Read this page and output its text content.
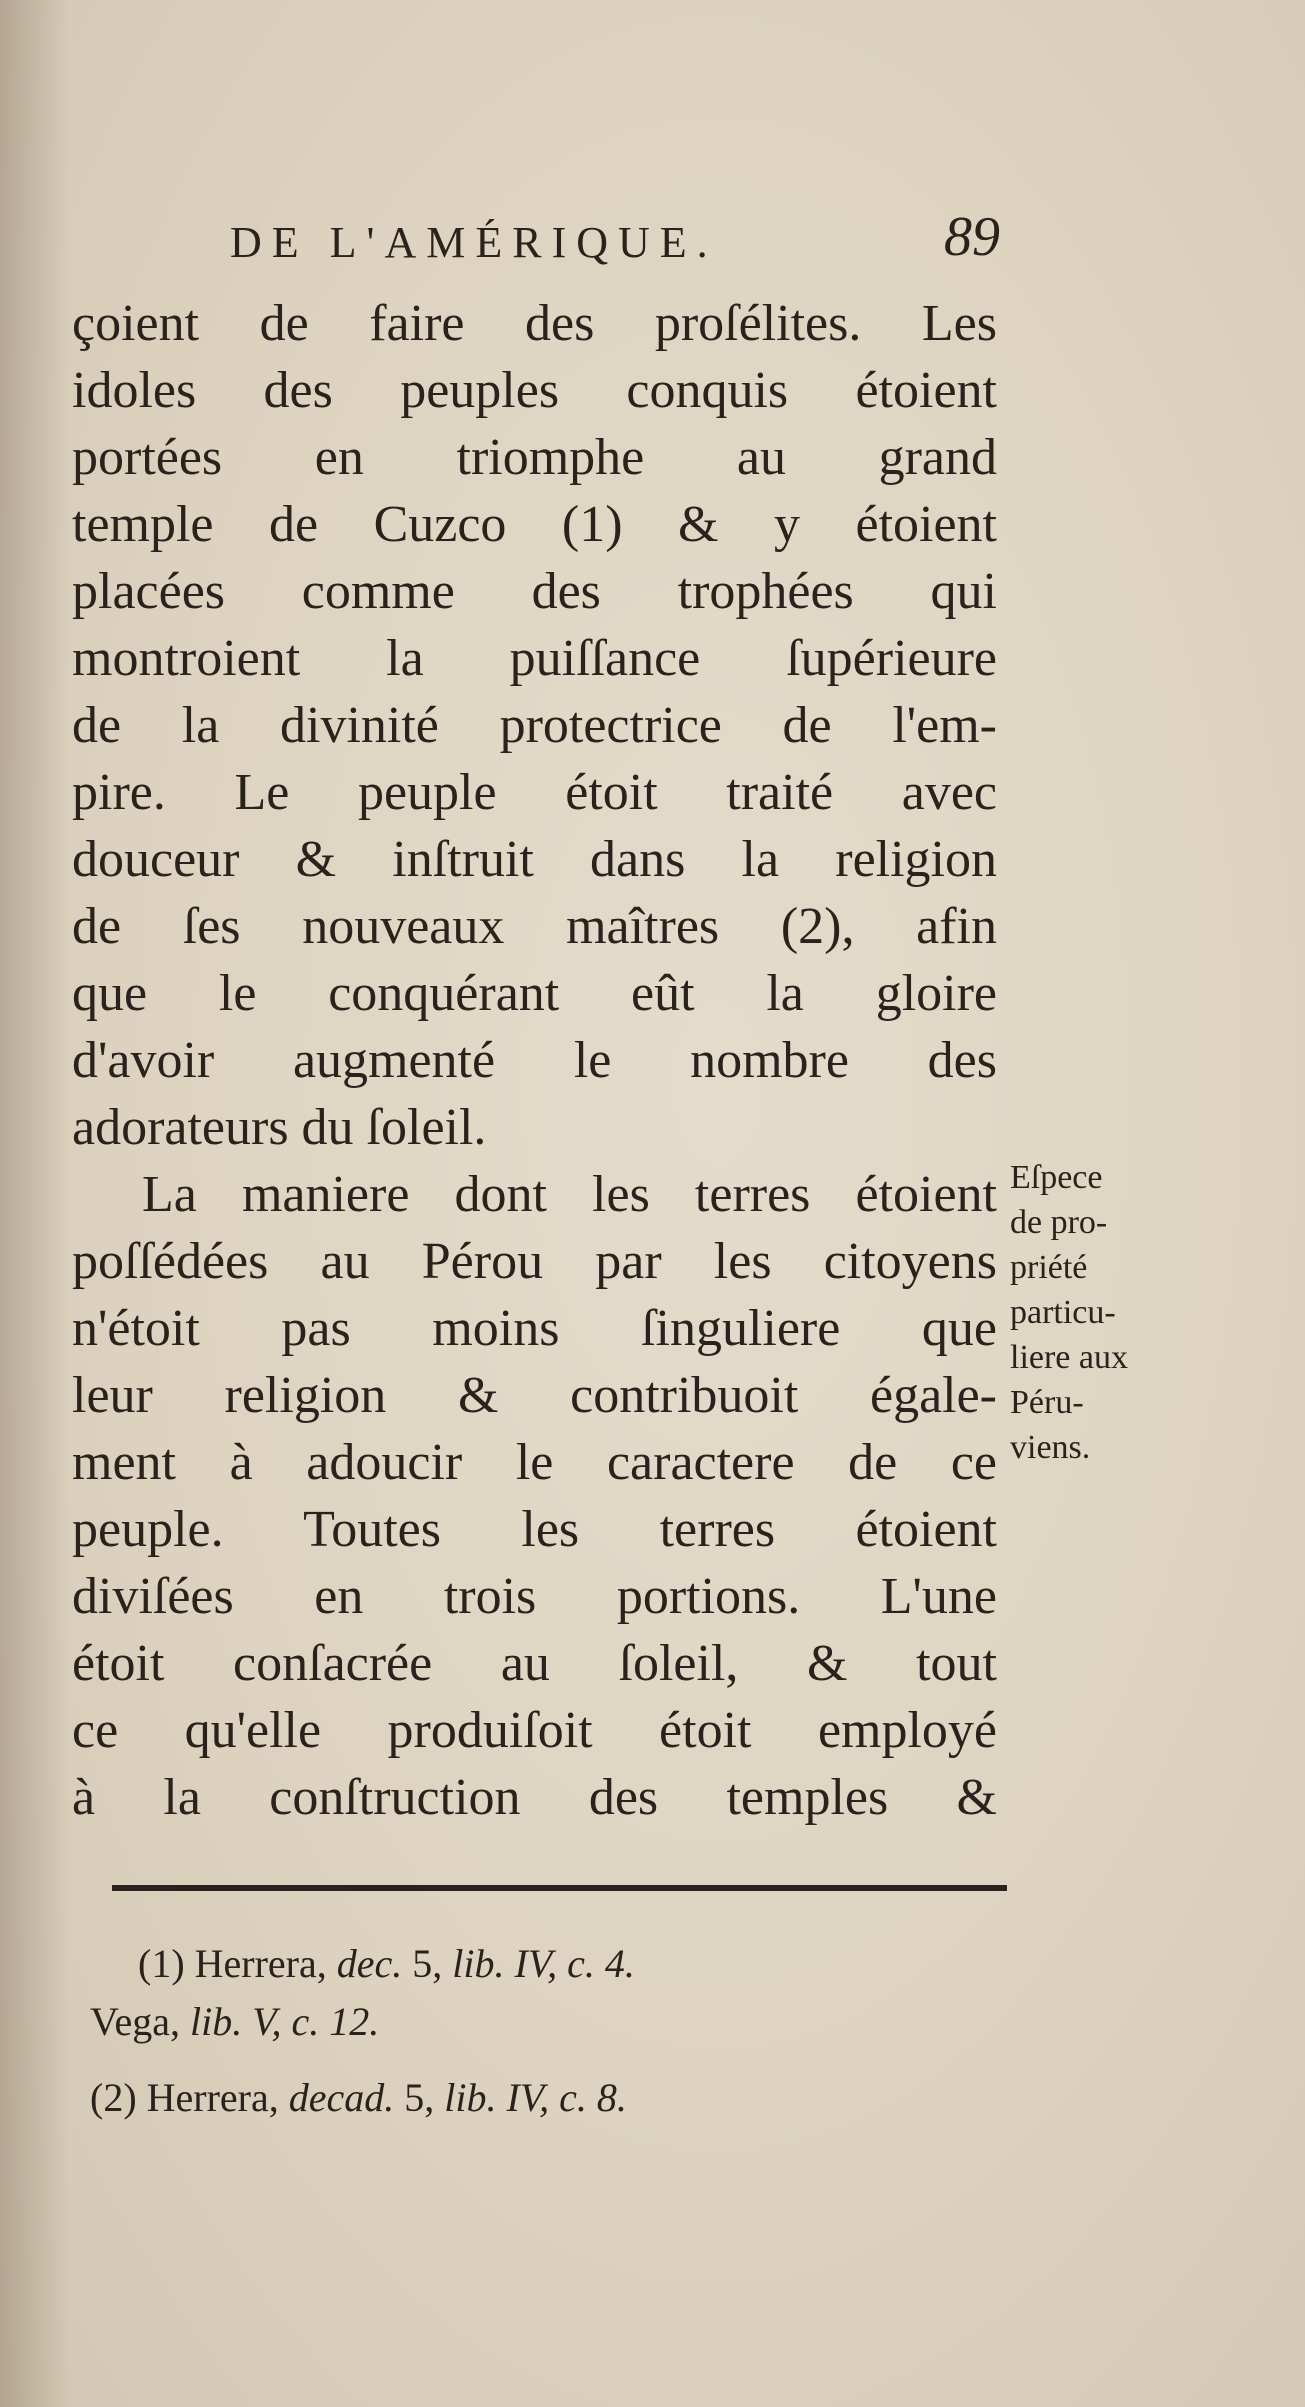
DE L'AMÉRIQUE.	89
çoient de faire des proſélites. Les
idoles des peuples conquis étoient
portées en triomphe au grand
temple de Cuzco (1) & y étoient
placées comme des trophées qui
montroient la puiſſance ſupérieure
de la divinité protectrice de l'em-
pire. Le peuple étoit traité avec
douceur & inſtruit dans la religion
de ſes nouveaux maîtres (2), afin
que le conquérant eût la gloire
d'avoir augmenté le nombre des
adorateurs du ſoleil.
La maniere dont les terres étoient
poſſédées au Pérou par les citoyens
n'étoit pas moins ſinguliere que
leur religion & contribuoit égale-
ment à adoucir le caractere de ce
peuple. Toutes les terres étoient
diviſées en trois portions. L'une
étoit conſacrée au ſoleil, & tout
ce qu'elle produiſoit étoit employé
à la conſtruction des temples &
Eſpece
de pro-
priété
particu-
liere aux
Péru-
viens.
(1) Herrera, dec. 5, lib. IV, c. 4.
Vega, lib. V, c. 12.
(2) Herrera, decad. 5, lib. IV, c. 8.
